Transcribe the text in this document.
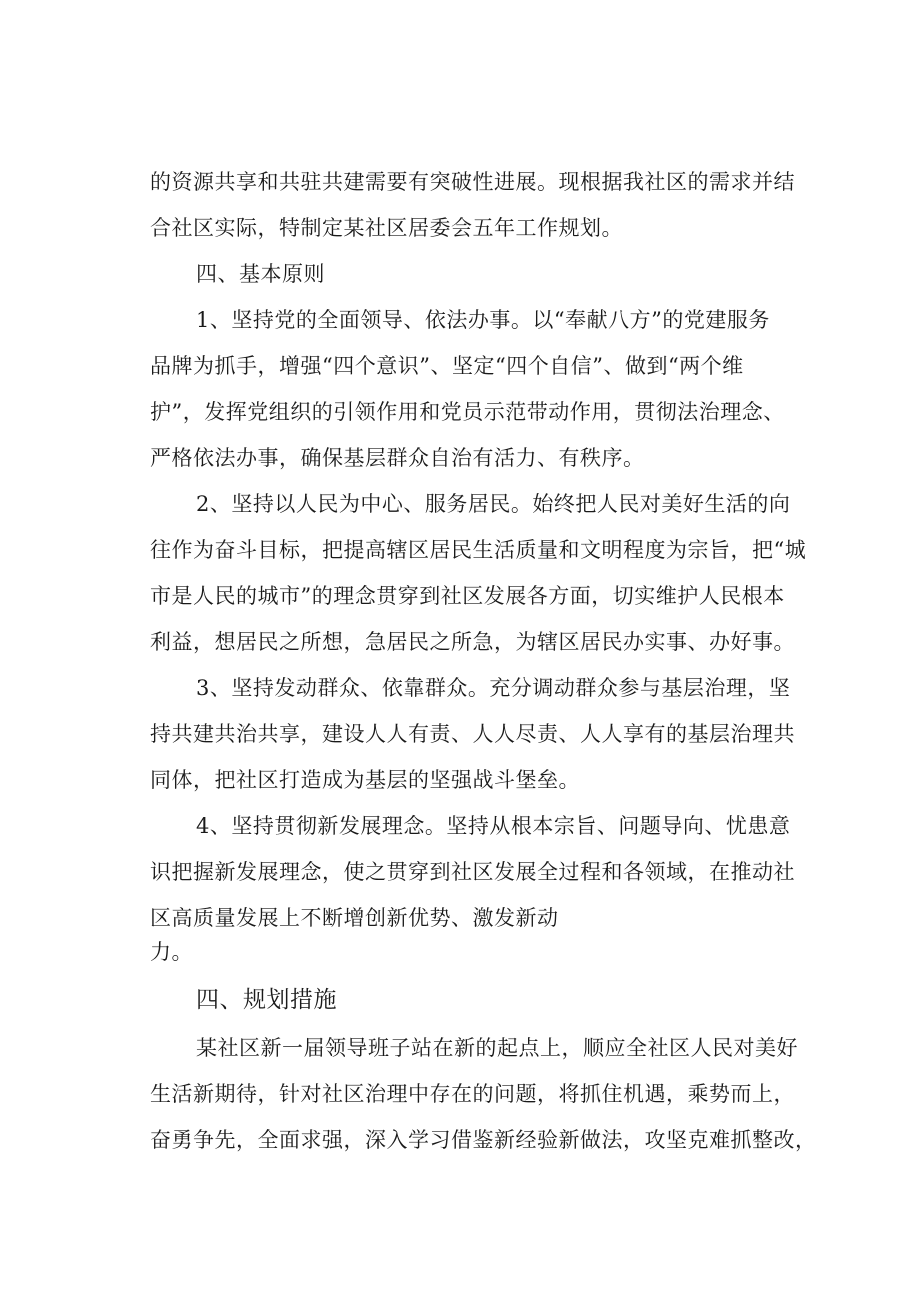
的资源共享和共驻共建需要有突破性进展。现根据我社区的需求并结
合社区实际，特制定某社区居委会五年工作规划。
四、基本原则
1、坚持党的全面领导、依法办事。以“奉献八方”的党建服务
品牌为抓手，增强“四个意识”、坚定“四个自信”、做到“两个维
护”，发挥党组织的引领作用和党员示范带动作用，贯彻法治理念、
严格依法办事，确保基层群众自治有活力、有秩序。
2、坚持以人民为中心、服务居民。始终把人民对美好生活的向
往作为奋斗目标，把提高辖区居民生活质量和文明程度为宗旨，把“城
市是人民的城市”的理念贯穿到社区发展各方面，切实维护人民根本
利益，想居民之所想，急居民之所急，为辖区居民办实事、办好事。
3、坚持发动群众、依靠群众。充分调动群众参与基层治理，坚
持共建共治共享，建设人人有责、人人尽责、人人享有的基层治理共
同体，把社区打造成为基层的坚强战斗堡垒。
4、坚持贯彻新发展理念。坚持从根本宗旨、问题导向、忧患意
识把握新发展理念，使之贯穿到社区发展全过程和各领域，在推动社
区高质量发展上不断增创新优势、激发新动
力。
四、规划措施
某社区新一届领导班子站在新的起点上，顺应全社区人民对美好
生活新期待，针对社区治理中存在的问题，将抓住机遇，乘势而上，
奋勇争先，全面求强，深入学习借鉴新经验新做法，攻坚克难抓整改，
